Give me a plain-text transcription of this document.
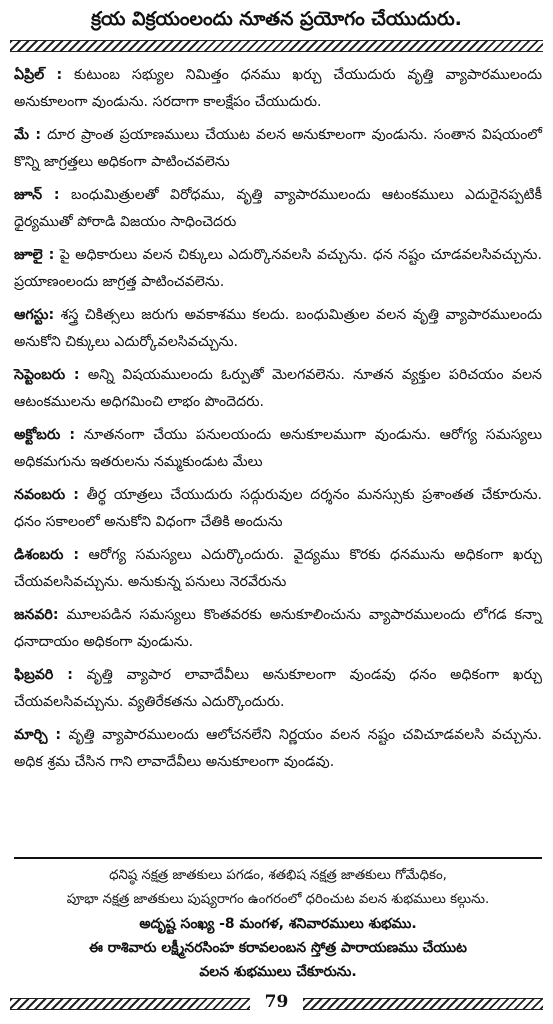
క్రయ విక్రయంలందు నూతన ప్రయోగం చేయుదురు.

ఏప్రిల్ : కుటుంబ సభ్యుల నిమిత్తం ధనము ఖర్చు చేయుదురు వృత్తి వ్యాపారములందు అనుకూలంగా వుండును. సరదాగా కాలక్షేపం చేయుదురు.

మే : దూర ప్రాంత ప్రయాణములు చేయుట వలన అనుకూలంగా వుండును. సంతాన విషయంలో కొన్ని జాగ్రత్తలు అధికంగా పాటించవలెను

జూన్ : బంధుమిత్రులతో విరోధము, వృత్తి వ్యాపారములందు ఆటంకములు ఎదురైనప్పటికీ ధైర్యముతో పోరాడి విజయం సాధించెదరు

జూలై : పై అధికారులు వలన చిక్కులు ఎదుర్కొనవలసి వచ్చును. ధన నష్టం చూడవలసివచ్చును. ప్రయాణంలందు జాగ్రత్త పాటించవలెను.

ఆగస్టు: శస్త్ర చికిత్సలు జరుగు అవకాశము కలదు. బంధుమిత్రుల వలన వృత్తి వ్యాపారములందు అనుకోని చిక్కులు ఎదుర్కోవలసివచ్చును.

సెప్టెంబరు : అన్ని విషయములందు ఓర్పుతో మెలగవలెను. నూతన వ్యక్తుల పరిచయం వలన ఆటంకములను అధిగమించి లాభం పొందెదరు.

అక్టోబరు : నూతనంగా చేయు పనులయందు అనుకూలముగా వుండును. ఆరోగ్య సమస్యలు అధికమగును ఇతరులను నమ్మకుండుట మేలు

నవంబరు : తీర్థ యాత్రలు చేయుదురు సద్గురువుల దర్శనం మనస్సుకు ప్రశాంతత చేకూరును. ధనం సకాలంలో అనుకోని విధంగా చేతికి అందును

డిశంబరు : ఆరోగ్య సమస్యలు ఎదుర్కొందురు. వైద్యము కొరకు ధనమును అధికంగా ఖర్చు చేయవలసివచ్చును. అనుకున్న పనులు నెరవేరును

జనవరి: మూలపడిన సమస్యలు కొంతవరకు అనుకూలించును వ్యాపారములందు లోగడ కన్నా ధనాదాయం అధికంగా వుండును.

ఫిబ్రవరి : వృత్తి వ్యాపార లావాదేవీలు అనుకూలంగా వుండవు ధనం అధికంగా ఖర్చు చేయవలసివచ్చును. వ్యతిరేకతను ఎదుర్కొందురు.

మార్చి : వృత్తి వ్యాపారములందు ఆలోచనలేని నిర్ణయం వలన నష్టం చవిచూడవలసి వచ్చును. అధిక శ్రమ చేసిన గాని లావాదేవీలు అనుకూలంగా వుండవు.

ధనిష్ఠ నక్షత్ర జాతకులు పగడం, శతభిష నక్షత్ర జాతకులు గోమేధికం,
పూభా నక్షత్ర జాతకులు పుష్యరాగం ఉంగరంలో ధరించుట వలన శుభములు కల్గును.
అదృష్ట సంఖ్య -8 మంగళ, శనివారములు శుభము.
ఈ రాశివారు లక్ష్మీనరసింహ కరావలంబన స్తోత్ర పారాయణము చేయుట
వలన శుభములు చేకూరును.
79
